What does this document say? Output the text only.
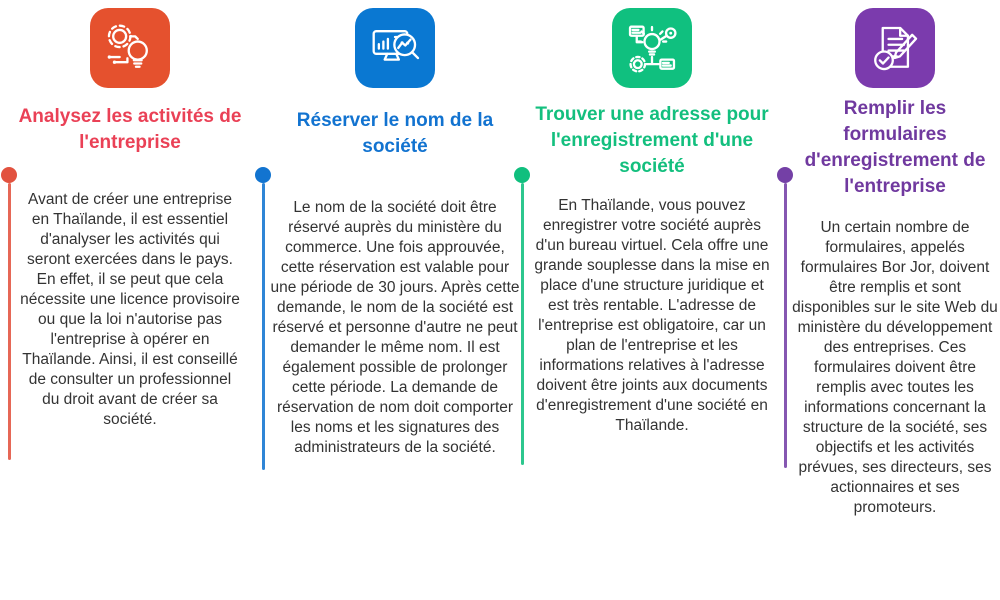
Analysez les activités de l'entreprise

Avant de créer une entreprise en Thaïlande, il est essentiel d'analyser les activités qui seront exercées dans le pays. En effet, il se peut que cela nécessite une licence provisoire ou que la loi n'autorise pas l'entreprise à opérer en Thaïlande. Ainsi, il est conseillé de consulter un professionnel du droit avant de créer sa société.

Réserver le nom de la société

Le nom de la société doit être réservé auprès du ministère du commerce. Une fois approuvée, cette réservation est valable pour une période de 30 jours. Après cette demande, le nom de la société est réservé et personne d'autre ne peut demander le même nom. Il est également possible de prolonger cette période. La demande de réservation de nom doit comporter les noms et les signatures des administrateurs de la société.

Trouver une adresse pour l'enregistrement d'une société

En Thaïlande, vous pouvez enregistrer votre société auprès d'un bureau virtuel. Cela offre une grande souplesse dans la mise en place d'une structure juridique et est très rentable. L'adresse de l'entreprise est obligatoire, car un plan de l'entreprise et les informations relatives à l'adresse doivent être joints aux documents d'enregistrement d'une société en Thaïlande.

Remplir les formulaires d'enregistrement de l'entreprise

Un certain nombre de formulaires, appelés formulaires Bor Jor, doivent être remplis et sont disponibles sur le site Web du ministère du développement des entreprises. Ces formulaires doivent être remplis avec toutes les informations concernant la structure de la société, ses objectifs et les activités prévues, ses directeurs, ses actionnaires et ses promoteurs.
